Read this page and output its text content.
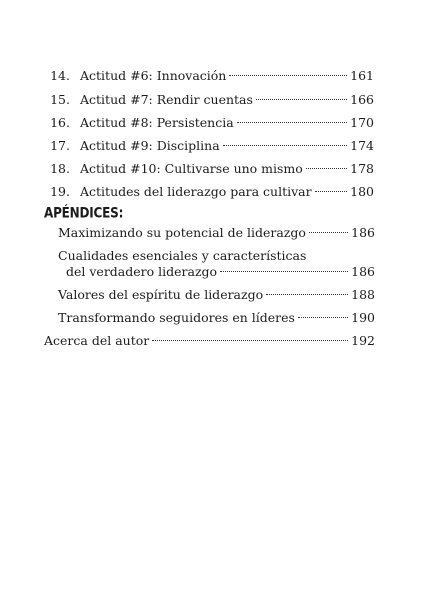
14. Actitud #6: Innovación	161
15. Actitud #7: Rendir cuentas	166
16. Actitud #8: Persistencia	170
17. Actitud #9: Disciplina	174
18. Actitud #10: Cultivarse uno mismo	178
19. Actitudes del liderazgo para cultivar	180
APÉNDICES:
Maximizando su potencial de liderazgo	186
Cualidades esenciales y características
del verdadero liderazgo	186
Valores del espíritu de liderazgo	188
Transformando seguidores en líderes	190
Acerca del autor	192
